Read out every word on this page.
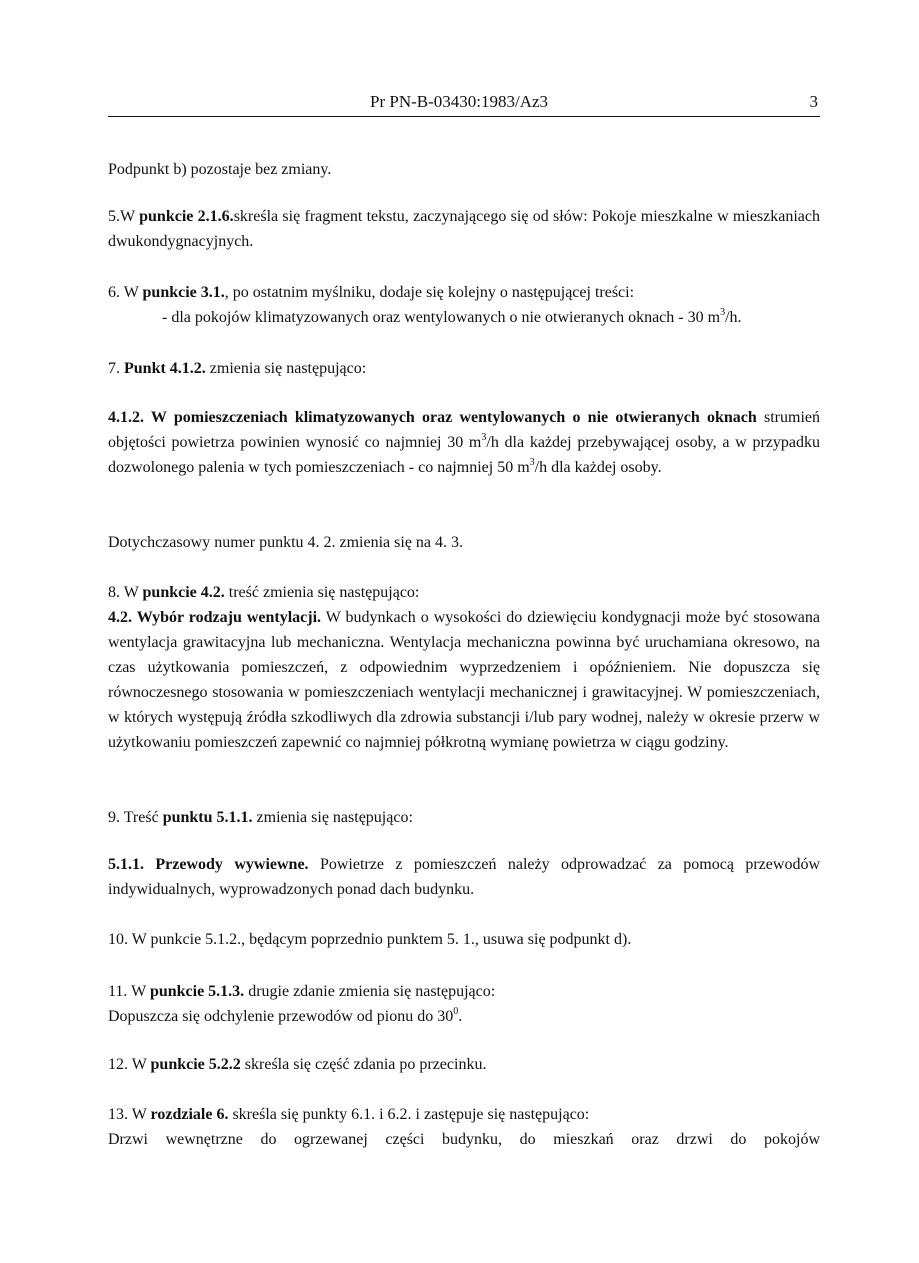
Pr PN-B-03430:1983/Az3	3

Podpunkt b) pozostaje bez zmiany.

5.W punkcie 2.1.6.skreśla się fragment tekstu, zaczynającego się od słów: Pokoje mieszkalne w mieszkaniach dwukondygnacyjnych.

6. W punkcie 3.1., po ostatnim myślniku, dodaje się kolejny o następującej treści:
- dla pokojów klimatyzowanych oraz wentylowanych o nie otwieranych oknach - 30 $m^3/h$.

7. Punkt 4.1.2. zmienia się następująco:

4.1.2. W pomieszczeniach klimatyzowanych oraz wentylowanych o nie otwieranych oknach strumień objętości powietrza powinien wynosić co najmniej 30 $m^3/h$ dla każdej przebywającej osoby, a w przypadku dozwolonego palenia w tych pomieszczeniach - co najmniej 50 $m^3/h$ dla każdej osoby.

Dotychczasowy numer punktu 4. 2. zmienia się na 4. 3.

8. W punkcie 4.2. treść zmienia się następująco:
4.2. Wybór rodzaju wentylacji. W budynkach o wysokości do dziewięciu kondygnacji może być stosowana wentylacja grawitacyjna lub mechaniczna. Wentylacja mechaniczna powinna być uruchamiana okresowo, na czas użytkowania pomieszczeń, z odpowiednim wyprzedzeniem i opóźnieniem. Nie dopuszcza się równoczesnego stosowania w pomieszczeniach wentylacji mechanicznej i grawitacyjnej. W pomieszczeniach, w których występują źródła szkodliwych dla zdrowia substancji i/lub pary wodnej, należy w okresie przerw w użytkowaniu pomieszczeń zapewnić co najmniej półkrotną wymianę powietrza w ciągu godziny.

9. Treść punktu 5.1.1. zmienia się następująco:

5.1.1. Przewody wywiewne. Powietrze z pomieszczeń należy odprowadzać za pomocą przewodów indywidualnych, wyprowadzonych ponad dach budynku.

10. W punkcie 5.1.2., będącym poprzednio punktem 5. 1., usuwa się podpunkt d).

11. W punkcie 5.1.3. drugie zdanie zmienia się następująco:
Dopuszcza się odchylenie przewodów od pionu do $30^0$.

12. W punkcie 5.2.2 skreśla się część zdania po przecinku.

13. W rozdziale 6. skreśla się punkty 6.1. i 6.2. i zastępuje się następująco:

Drzwi wewnętrzne do ogrzewanej części budynku, do mieszkań oraz drzwi do pokojów
